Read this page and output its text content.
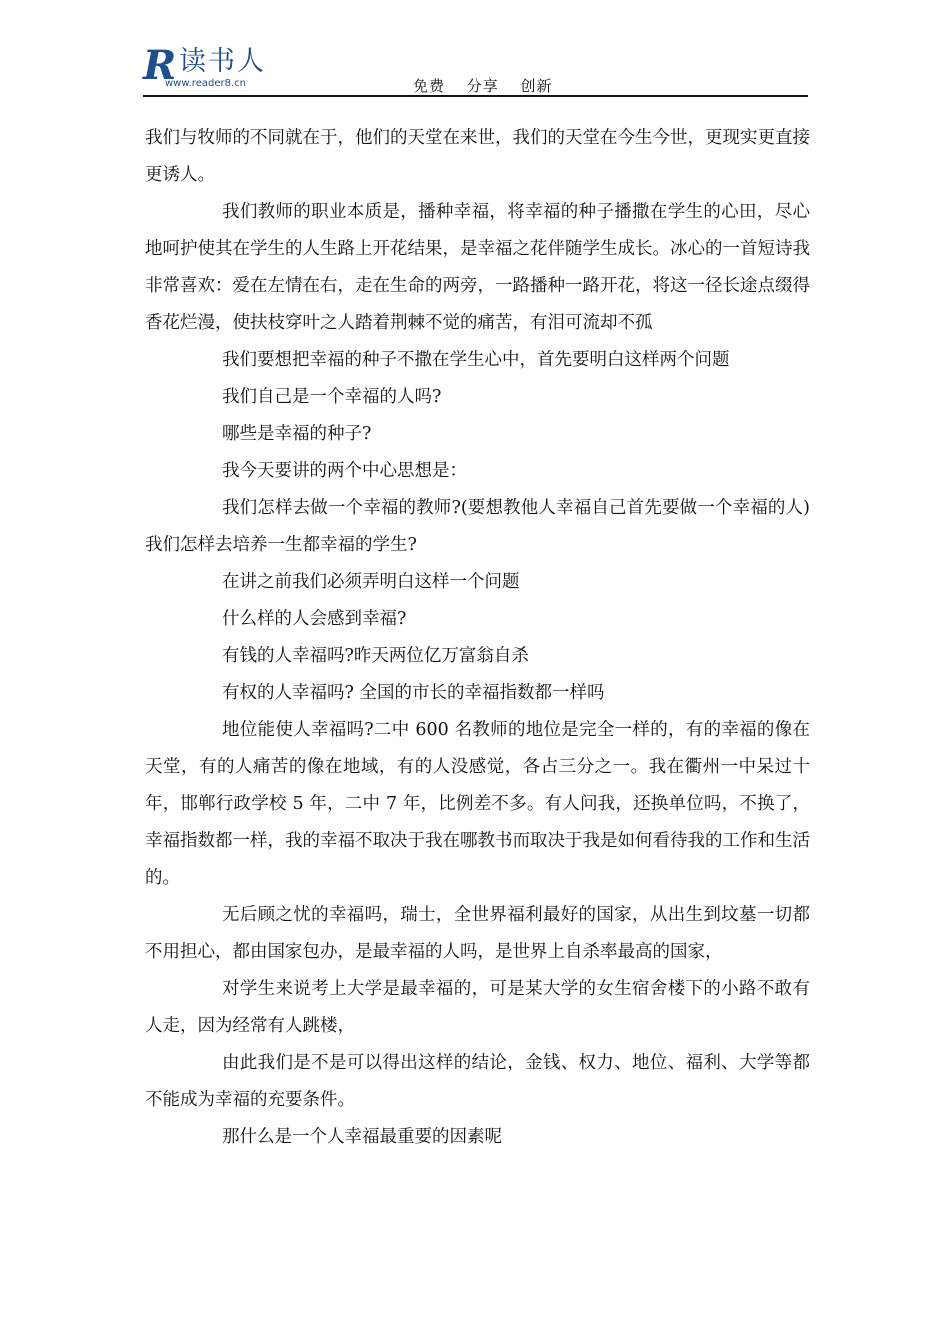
R 读书人
www.reader8.cn	免费 分享 创新

我们与牧师的不同就在于，他们的天堂在来世，我们的天堂在今生今世，更现实更直接更诱人。

我们教师的职业本质是，播种幸福，将幸福的种子播撒在学生的心田，尽心地呵护使其在学生的人生路上开花结果，是幸福之花伴随学生成长。冰心的一首短诗我非常喜欢：爱在左情在右，走在生命的两旁，一路播种一路开花，将这一径长途点缀得香花烂漫，使扶枝穿叶之人踏着荆棘不觉的痛苦，有泪可流却不孤

我们要想把幸福的种子不撒在学生心中，首先要明白这样两个问题

我们自己是一个幸福的人吗?

哪些是幸福的种子?

我今天要讲的两个中心思想是：

我们怎样去做一个幸福的教师?(要想教他人幸福自己首先要做一个幸福的人)我们怎样去培养一生都幸福的学生?

在讲之前我们必须弄明白这样一个问题

什么样的人会感到幸福?

有钱的人幸福吗?昨天两位亿万富翁自杀

有权的人幸福吗? 全国的市长的幸福指数都一样吗

地位能使人幸福吗?二中 600 名教师的地位是完全一样的，有的幸福的像在天堂，有的人痛苦的像在地域，有的人没感觉，各占三分之一。我在衢州一中呆过十年，邯郸行政学校 5 年，二中 7 年，比例差不多。有人问我，还换单位吗，不换了，幸福指数都一样，我的幸福不取决于我在哪教书而取决于我是如何看待我的工作和生活的。

无后顾之忧的幸福吗，瑞士，全世界福利最好的国家，从出生到坟墓一切都不用担心，都由国家包办，是最幸福的人吗，是世界上自杀率最高的国家，

对学生来说考上大学是最幸福的，可是某大学的女生宿舍楼下的小路不敢有人走，因为经常有人跳楼，

由此我们是不是可以得出这样的结论，金钱、权力、地位、福利、大学等都不能成为幸福的充要条件。

那什么是一个人幸福最重要的因素呢
